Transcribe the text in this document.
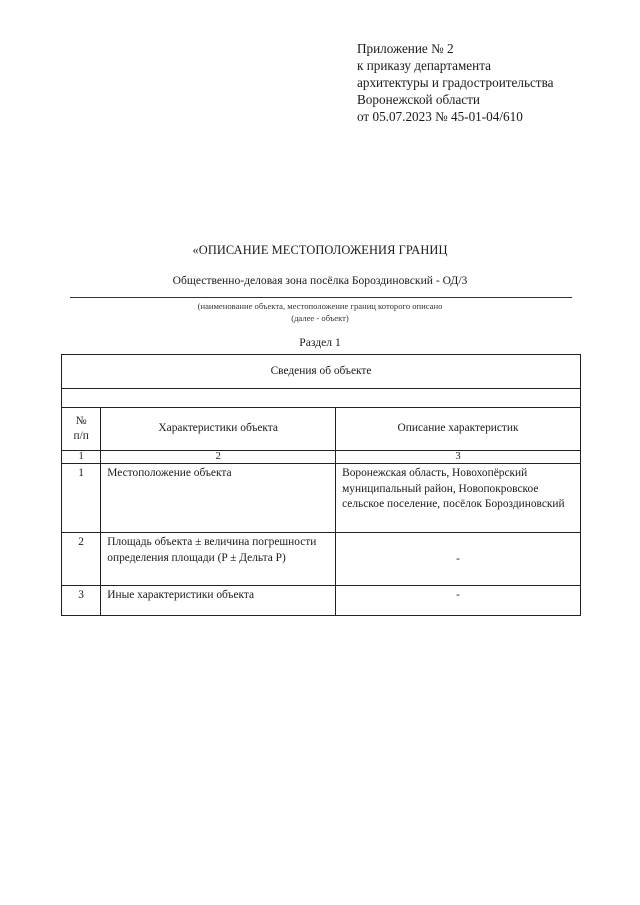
Приложение № 2
к приказу департамента
архитектуры и градостроительства
Воронежской области
от 05.07.2023 № 45-01-04/610
«ОПИСАНИЕ МЕСТОПОЛОЖЕНИЯ ГРАНИЦ
Общественно-деловая зона посёлка Бороздиновский - ОД/3
(наименование объекта, местоположение границ которого описано
(далее - объект)
Раздел 1
Сведения об объекте		

№
п/п	Характеристики объекта	Описание характеристик
1	2	3
1	Местоположение объекта	Воронежская область, Новохопёрский муниципальный район, Новопокровское сельское поселение, посёлок Бороздиновский
2	Площадь объекта ± величина погрешности определения площади (P ± Дельта P)	-
3	Иные характеристики объекта	-
